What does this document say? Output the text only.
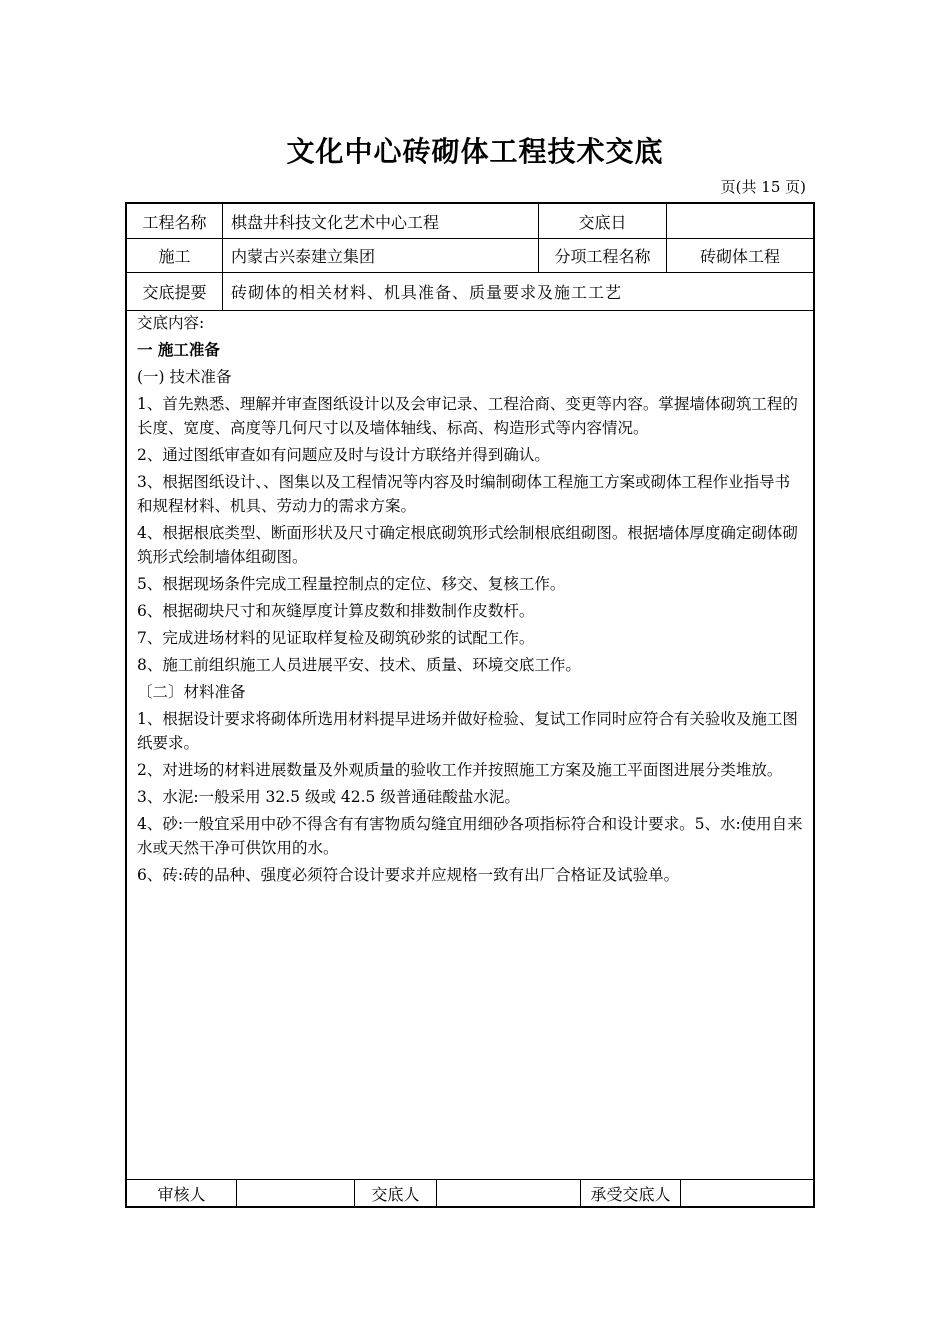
文化中心砖砌体工程技术交底
页(共 15 页)
工程名称	棋盘井科技文化艺术中心工程	交底日
施工	内蒙古兴泰建立集团	分项工程名称	砖砌体工程
交底提要	砖砌体的相关材料、机具准备、质量要求及施工工艺
交底内容:
一 施工准备
(一) 技术准备
1、首先熟悉、理解并审查图纸设计以及会审记录、工程洽商、变更等内容。掌握墙体砌筑工程的长度、宽度、高度等几何尺寸以及墙体轴线、标高、构造形式等内容情况。
2、通过图纸审查如有问题应及时与设计方联络并得到确认。
3、根据图纸设计、、图集以及工程情况等内容及时编制砌体工程施工方案或砌体工程作业指导书和规程材料、机具、劳动力的需求方案。
4、根据根底类型、断面形状及尺寸确定根底砌筑形式绘制根底组砌图。根据墙体厚度确定砌体砌筑形式绘制墙体组砌图。
5、根据现场条件完成工程量控制点的定位、移交、复核工作。
6、根据砌块尺寸和灰缝厚度计算皮数和排数制作皮数杆。
7、完成进场材料的见证取样复检及砌筑砂浆的试配工作。
8、施工前组织施工人员进展平安、技术、质量、环境交底工作。
〔二〕材料准备
1、根据设计要求将砌体所选用材料提早进场并做好检验、复试工作同时应符合有关验收及施工图纸要求。
2、对进场的材料进展数量及外观质量的验收工作并按照施工方案及施工平面图进展分类堆放。
3、水泥:一般采用 32.5 级或 42.5 级普通硅酸盐水泥。
4、砂:一般宜采用中砂不得含有有害物质勾缝宜用细砂各项指标符合和设计要求。5、水:使用自来水或天然干净可供饮用的水。
6、砖:砖的品种、强度必须符合设计要求并应规格一致有出厂合格证及试验单。
审核人	交底人	承受交底人
